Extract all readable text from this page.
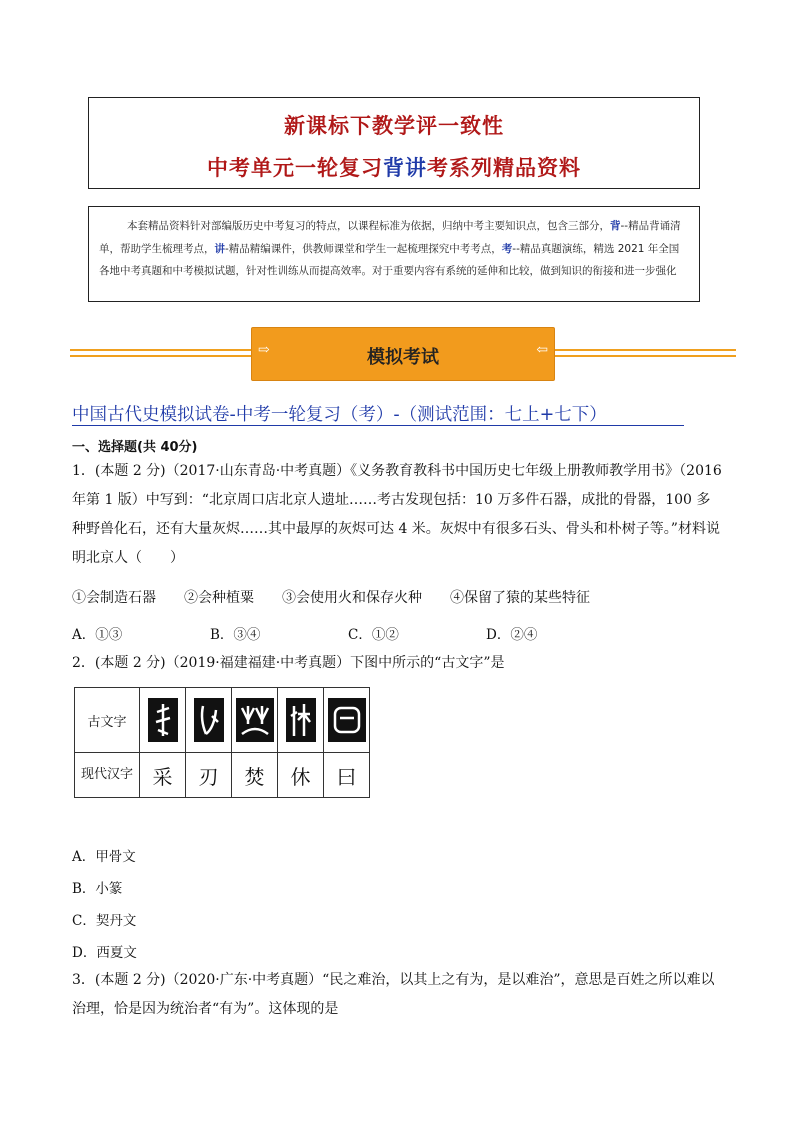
新课标下教学评一致性
中考单元一轮复习背讲考系列精品资料
本套精品资料针对部编版历史中考复习的特点，以课程标准为依据，归纳中考主要知识点，包含三部分，背--精品背诵清单，帮助学生梳理考点，讲-精品精编课件，供教师课堂和学生一起梳理探究中考考点，考--精品真题演练，精选 2021 年全国各地中考真题和中考模拟试题，针对性训练从而提高效率。对于重要内容有系统的延伸和比较，做到知识的衔接和进一步强化
⇨	模拟考试	⇦
中国古代史模拟试卷-中考一轮复习（考）-（测试范围：七上+七下）
一、选择题(共 40分)
1．(本题 2 分)（2017·山东青岛·中考真题）《义务教育教科书中国历史七年级上册教师教学用书》（2016 年第 1 版）中写到：“北京周口店北京人遗址……考古发现包括：10 万多件石器，成批的骨器，100 多种野兽化石，还有大量灰烬……其中最厚的灰烬可达 4 米。灰烬中有很多石头、骨头和朴树子等。”材料说明北京人（　　）
①会制造石器　　②会种植粟　　③会使用火和保存火种　　④保留了猿的某些特征
A．①③	B．③④	C．①②	D．②④
2．(本题 2 分)（2019·福建福建·中考真题）下图中所示的“古文字”是
古文字	

现代汉字	采	刃	焚	休	曰
A．甲骨文
B．小篆
C．契丹文
D．西夏文
3．(本题 2 分)（2020·广东·中考真题）“民之难治，以其上之有为，是以难治”，意思是百姓之所以难以治理，恰是因为统治者“有为”。这体现的是
